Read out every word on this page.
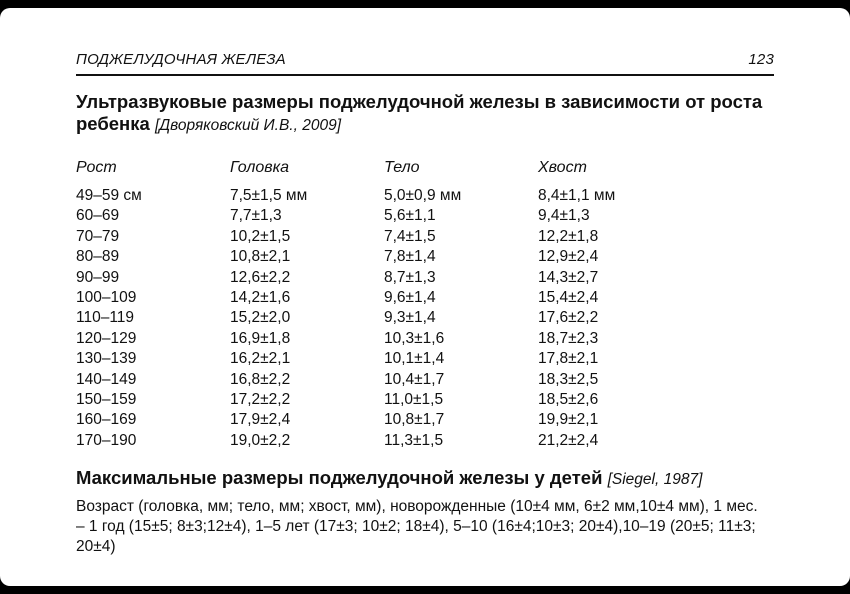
ПОДЖЕЛУДОЧНАЯ ЖЕЛЕЗА	123
Ультразвуковые размеры поджелудочной железы в зависимости от роста ребенка [Дворяковский И.В., 2009]
Рост	Головка	Тело	Хвост
49–59 см	7,5±1,5 мм	5,0±0,9 мм	8,4±1,1 мм
60–69	7,7±1,3	5,6±1,1	9,4±1,3
70–79	10,2±1,5	7,4±1,5	12,2±1,8
80–89	10,8±2,1	7,8±1,4	12,9±2,4
90–99	12,6±2,2	8,7±1,3	14,3±2,7
100–109	14,2±1,6	9,6±1,4	15,4±2,4
110–119	15,2±2,0	9,3±1,4	17,6±2,2
120–129	16,9±1,8	10,3±1,6	18,7±2,3
130–139	16,2±2,1	10,1±1,4	17,8±2,1
140–149	16,8±2,2	10,4±1,7	18,3±2,5
150–159	17,2±2,2	11,0±1,5	18,5±2,6
160–169	17,9±2,4	10,8±1,7	19,9±2,1
170–190	19,0±2,2	11,3±1,5	21,2±2,4
Максимальные размеры поджелудочной железы у детей [Siegel, 1987]
Возраст (головка, мм; тело, мм; хвост, мм), новорожденные (10±4 мм, 6±2 мм,10±4 мм), 1 мес. – 1 год (15±5; 8±3;12±4), 1–5 лет (17±3; 10±2; 18±4), 5–10 (16±4;10±3; 20±4),10–19 (20±5; 11±3; 20±4)
